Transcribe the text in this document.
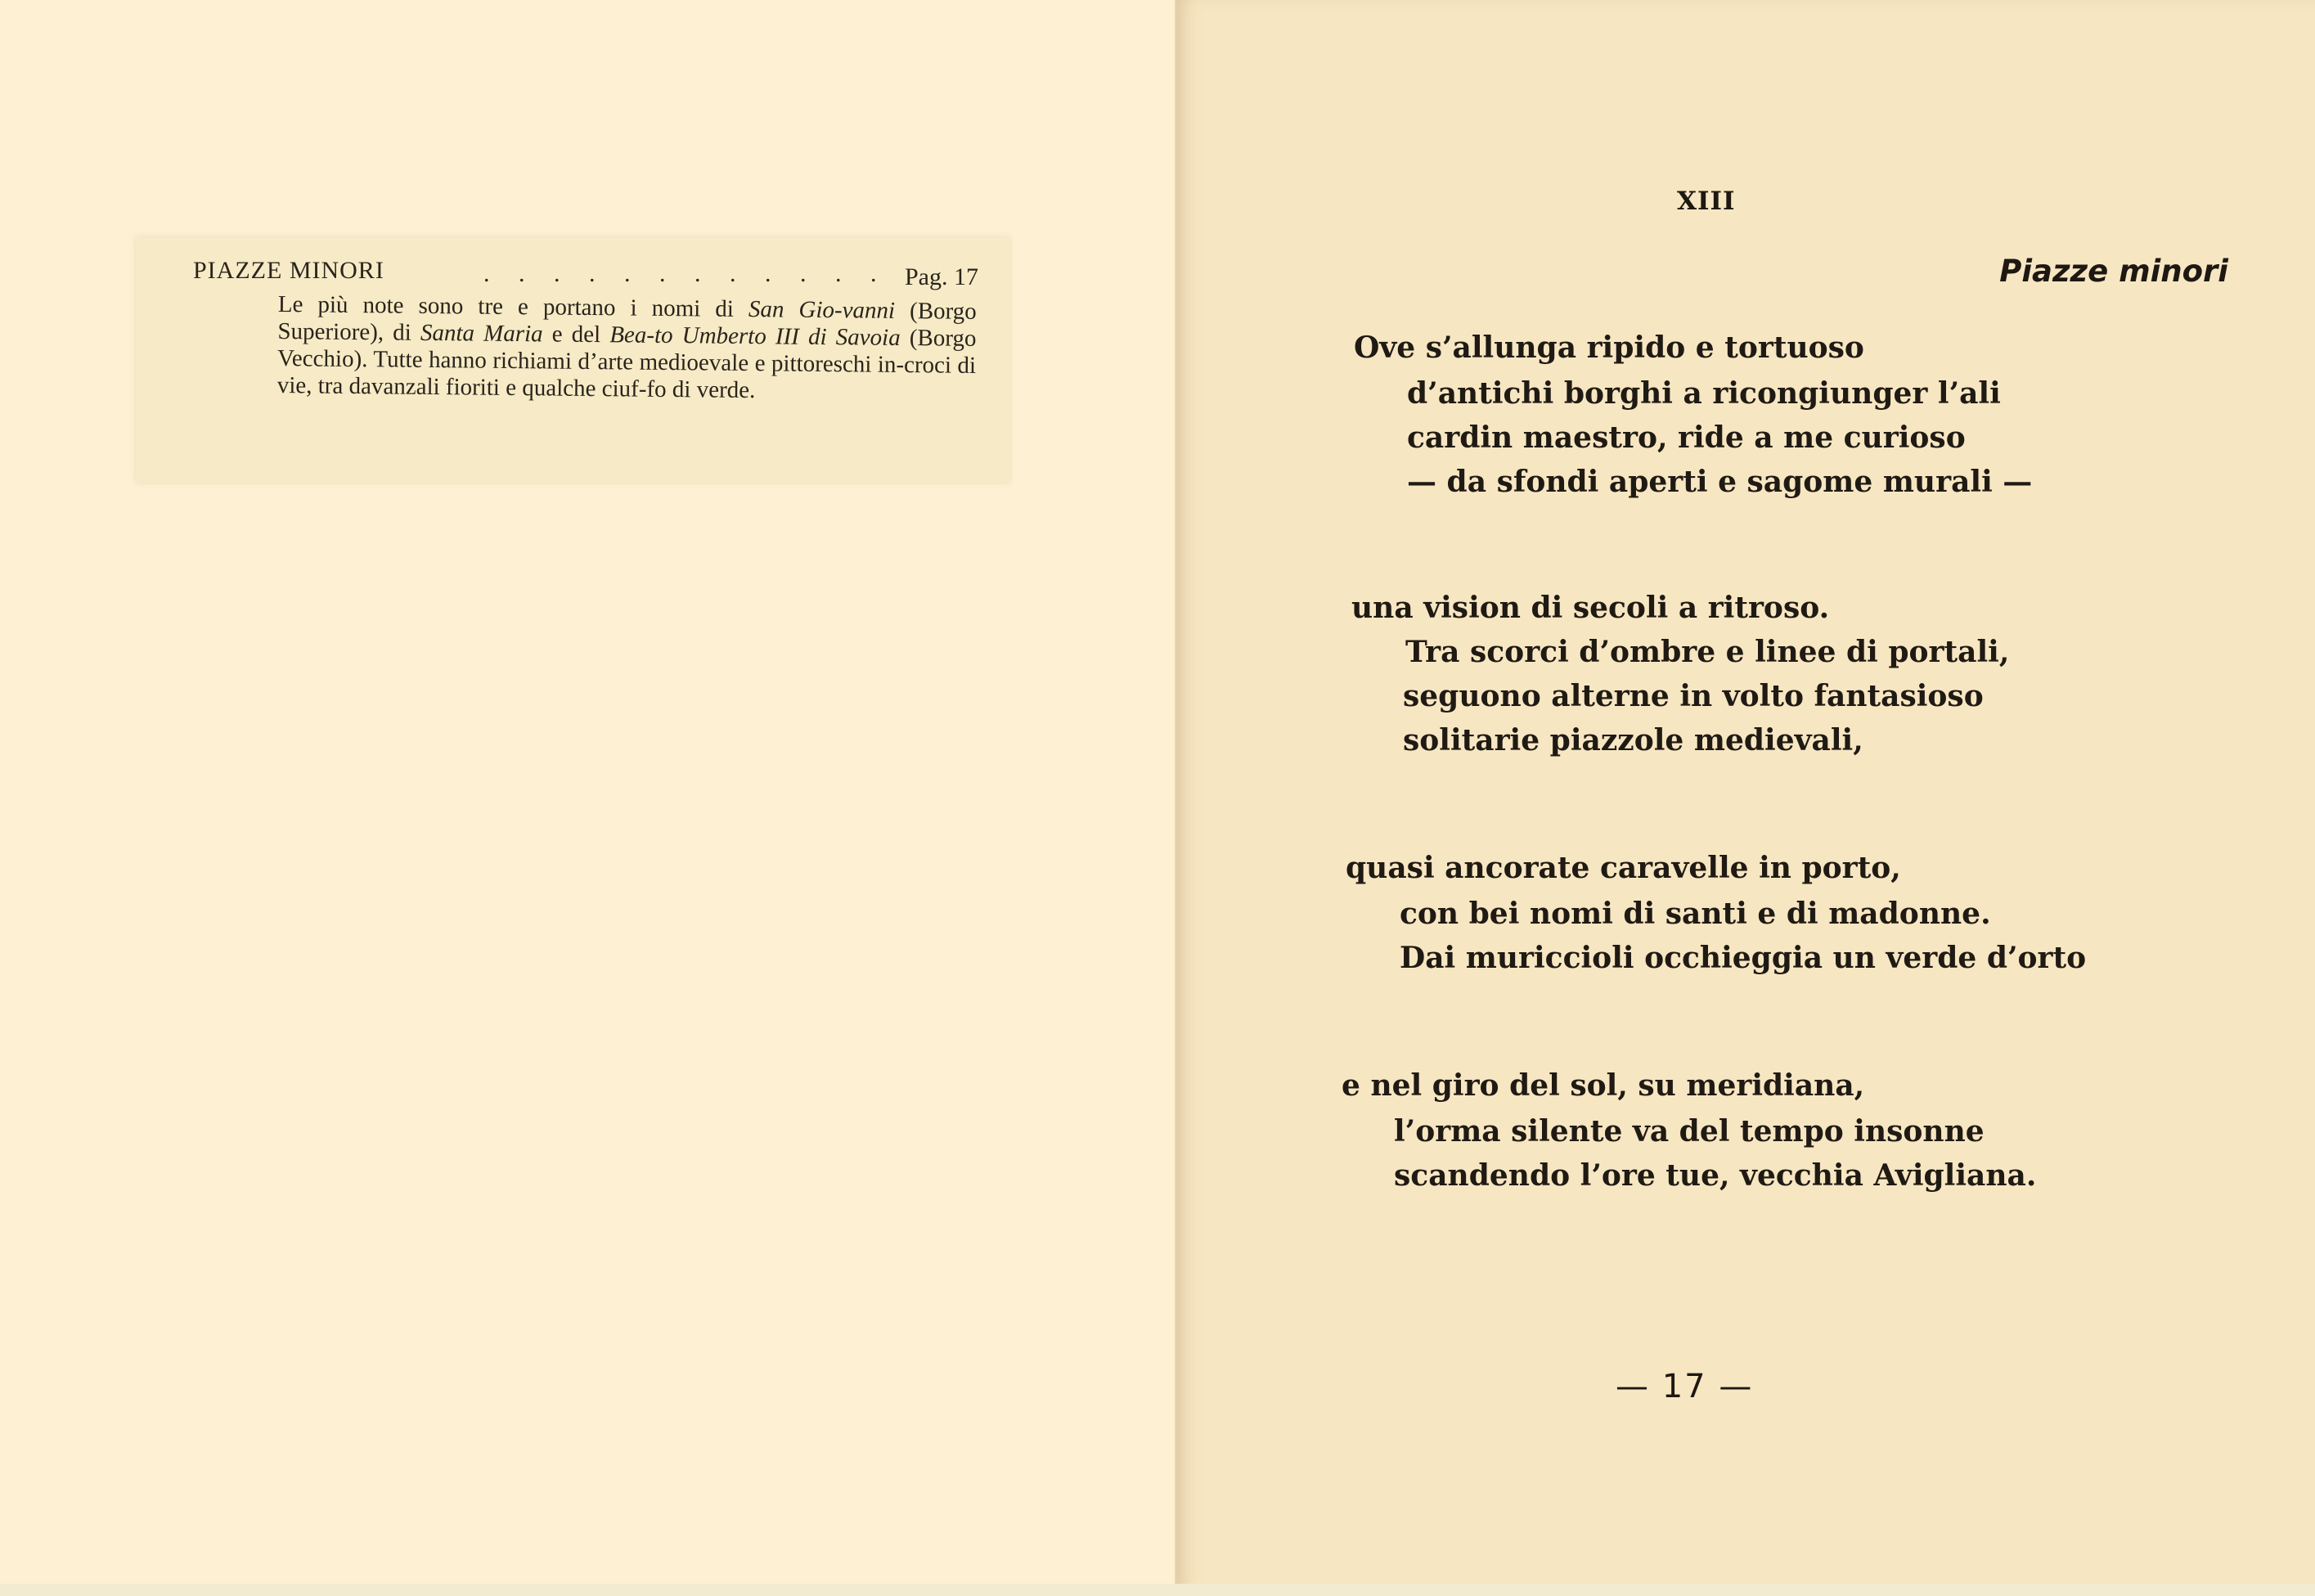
PIAZZE MINORI	. . . . . . . . . . . . Pag. 17
Le più note sono tre e portano i nomi di San Gio-vanni (Borgo Superiore), di Santa Maria e del Bea-to Umberto III di Savoia (Borgo Vecchio). Tutte hanno richiami d’arte medioevale e pittoreschi in-croci di vie, tra davanzali fioriti e qualche ciuf-fo di verde.
XIII
Piazze minori
Ove s’allunga ripido e tortuoso
d’antichi borghi a ricongiunger l’ali
cardin maestro, ride a me curioso
— da sfondi aperti e sagome murali —
una vision di secoli a ritroso.
Tra scorci d’ombre e linee di portali,
seguono alterne in volto fantasioso
solitarie piazzole medievali,
quasi ancorate caravelle in porto,
con bei nomi di santi e di madonne.
Dai muricciolі occhieggia un verde d’orto
e nel giro del sol, su meridiana,
l’orma silente va del tempo insonne
scandendo l’ore tue, vecchia Avigliana.
— 17 —
